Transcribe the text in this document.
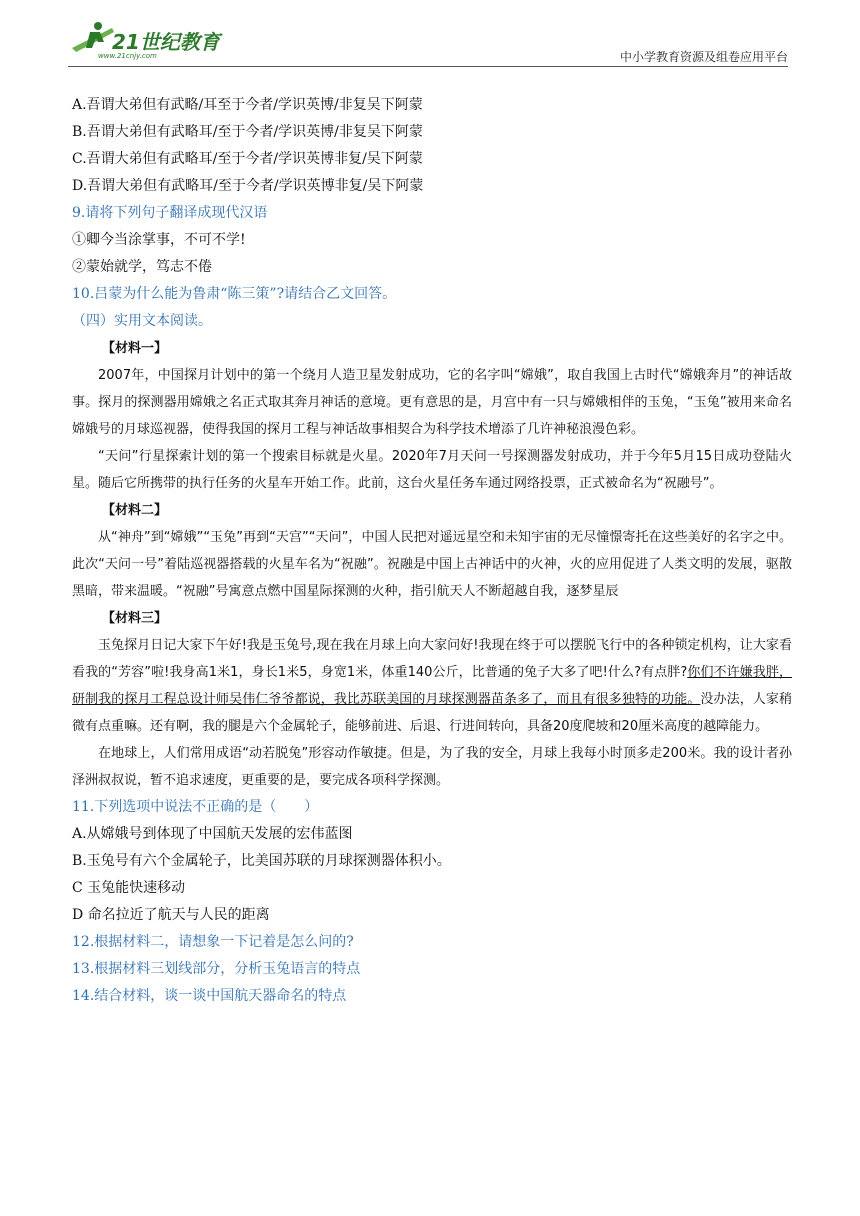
21世纪教育
www.21cnjy.com	中小学教育资源及组卷应用平台
A.吾谓大弟但有武略/耳至于今者/学识英博/非复吴下阿蒙
B.吾谓大弟但有武略耳/至于今者/学识英博/非复吴下阿蒙
C.吾谓大弟但有武略耳/至于今者/学识英博非复/吴下阿蒙
D.吾谓大弟但有武略耳/至于今者/学识英博非复/吴下阿蒙
9.请将下列句子翻译成现代汉语
①卿今当涂掌事，不可不学!
②蒙始就学，笃志不倦
10.吕蒙为什么能为鲁肃“陈三策”?请结合乙文回答。
（四）实用文本阅读。
【材料一】

2007年，中国探月计划中的第一个绕月人造卫星发射成功，它的名字叫“嫦娥”，取自我国上古时代“嫦娥奔月”的神话故事。探月的探测器用嫦娥之名正式取其奔月神话的意境。更有意思的是，月宫中有一只与嫦娥相伴的玉兔，“玉兔”被用来命名嫦娥号的月球巡视器，使得我国的探月工程与神话故事相契合为科学技术增添了几许神秘浪漫色彩。

“天问”行星探索计划的第一个搜索目标就是火星。2020年7月天问一号探测器发射成功，并于今年5月15日成功登陆火星。随后它所携带的执行任务的火星车开始工作。此前，这台火星任务车通过网络投票，正式被命名为“祝融号”。

【材料二】

从“神舟”到“嫦娥”“玉兔”再到“天宫”“天问”，中国人民把对遥远星空和未知宇宙的无尽憧憬寄托在这些美好的名字之中。此次“天问一号”着陆巡视器搭载的火星车名为“祝融”。祝融是中国上古神话中的火神，火的应用促进了人类文明的发展，驱散黑暗，带来温暖。“祝融”号寓意点燃中国星际探测的火种，指引航天人不断超越自我，逐梦星辰

【材料三】

玉兔探月日记大家下午好!我是玉兔号,现在我在月球上向大家问好!我现在终于可以摆脱飞行中的各种锁定机构，让大家看看我的“芳容”啦!我身高1米1，身长1米5，身宽1米，体重140公斤，比普通的兔子大多了吧!什么?有点胖?你们不许嫌我胖，研制我的探月工程总设计师吴伟仁爷爷都说，我比苏联美国的月球探测器苗条多了，而且有很多独特的功能。没办法，人家稍微有点重嘛。还有啊，我的腿是六个金属轮子，能够前进、后退、行进间转向，具备20度爬坡和20厘米高度的越障能力。

在地球上，人们常用成语“动若脱兔”形容动作敏捷。但是，为了我的安全，月球上我每小时顶多走200米。我的设计者孙泽洲叔叔说，暂不追求速度，更重要的是，要完成各项科学探测。

11.下列选项中说法不正确的是（　　）
A.从嫦娥号到体现了中国航天发展的宏伟蓝图
B.玉兔号有六个金属轮子，比美国苏联的月球探测器体积小。
C 玉兔能快速移动
D 命名拉近了航天与人民的距离
12.根据材料二，请想象一下记着是怎么问的?
13.根据材料三划线部分，分析玉兔语言的特点
14.结合材料，谈一谈中国航天器命名的特点
